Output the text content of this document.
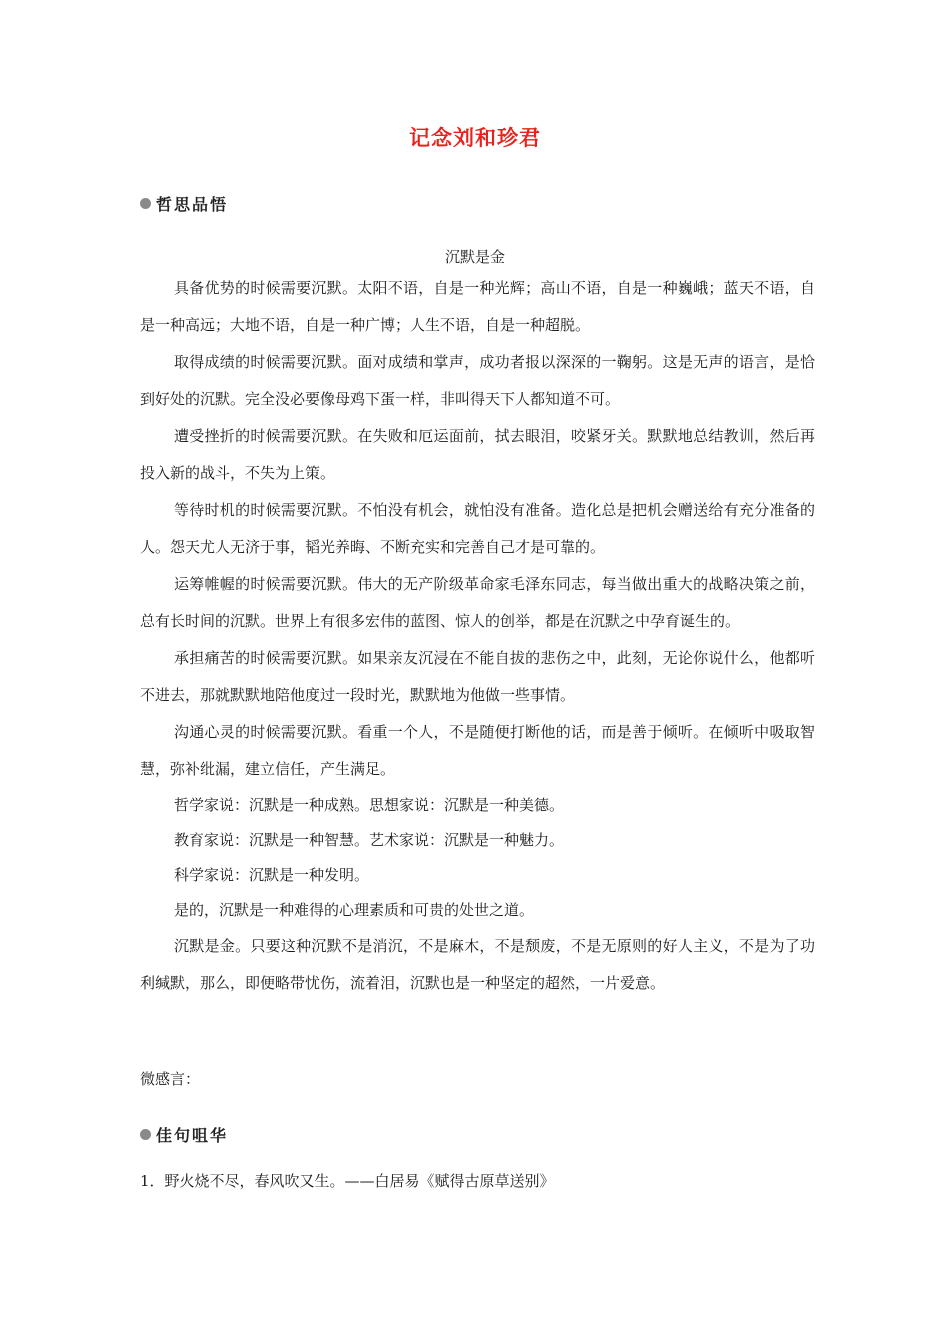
记念刘和珍君
哲思品悟
沉默是金

具备优势的时候需要沉默。太阳不语，自是一种光辉；高山不语，自是一种巍峨；蓝天不语，自是一种高远；大地不语，自是一种广博；人生不语，自是一种超脱。

取得成绩的时候需要沉默。面对成绩和掌声，成功者报以深深的一鞠躬。这是无声的语言，是恰到好处的沉默。完全没必要像母鸡下蛋一样，非叫得天下人都知道不可。

遭受挫折的时候需要沉默。在失败和厄运面前，拭去眼泪，咬紧牙关。默默地总结教训，然后再投入新的战斗，不失为上策。

等待时机的时候需要沉默。不怕没有机会，就怕没有准备。造化总是把机会赠送给有充分准备的人。怨天尤人无济于事，韬光养晦、不断充实和完善自己才是可靠的。

运筹帷幄的时候需要沉默。伟大的无产阶级革命家毛泽东同志，每当做出重大的战略决策之前，总有长时间的沉默。世界上有很多宏伟的蓝图、惊人的创举，都是在沉默之中孕育诞生的。

承担痛苦的时候需要沉默。如果亲友沉浸在不能自拔的悲伤之中，此刻，无论你说什么，他都听不进去，那就默默地陪他度过一段时光，默默地为他做一些事情。

沟通心灵的时候需要沉默。看重一个人，不是随便打断他的话，而是善于倾听。在倾听中吸取智慧，弥补纰漏，建立信任，产生满足。

哲学家说：沉默是一种成熟。思想家说：沉默是一种美德。

教育家说：沉默是一种智慧。艺术家说：沉默是一种魅力。

科学家说：沉默是一种发明。

是的，沉默是一种难得的心理素质和可贵的处世之道。

沉默是金。只要这种沉默不是消沉，不是麻木，不是颓废，不是无原则的好人主义，不是为了功利缄默，那么，即便略带忧伤，流着泪，沉默也是一种坚定的超然，一片爱意。

微感言：
佳句咀华
1．野火烧不尽，春风吹又生。——白居易《赋得古原草送别》
